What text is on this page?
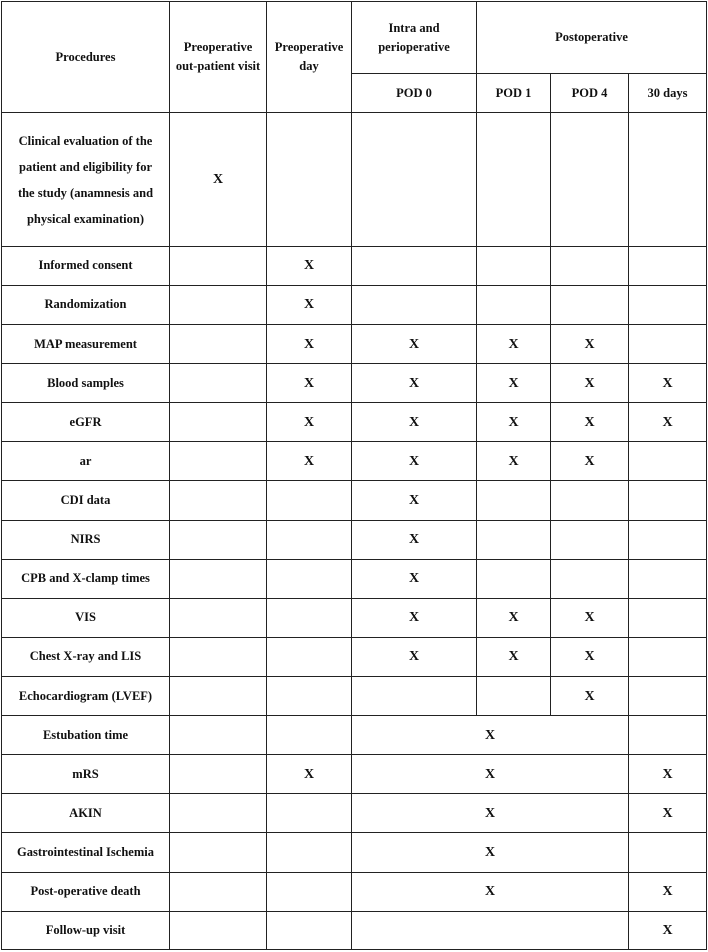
Procedures	Preoperative out-patient visit	Preoperative day	Intra and perioperative	Postoperative		
			POD 0	POD 1	POD 4	30 days
Clinical evaluation of the patient and eligibility for the study (anamnesis and physical examination)	X					
Informed consent		X				
Randomization		X				
MAP measurement		X	X	X	X	
Blood samples		X	X	X	X	X
eGFR		X	X	X	X	X
ar		X	X	X	X	
CDI data			X			
NIRS			X			
CPB and X-clamp times			X			
VIS			X	X	X	
Chest X-ray and LIS			X	X	X	
Echocardiogram (LVEF)					X	
Estubation time			X			
mRS		X	X			X
AKIN			X			X
Gastrointestinal Ischemia			X			
Post-operative death			X			X
Follow-up visit						X
